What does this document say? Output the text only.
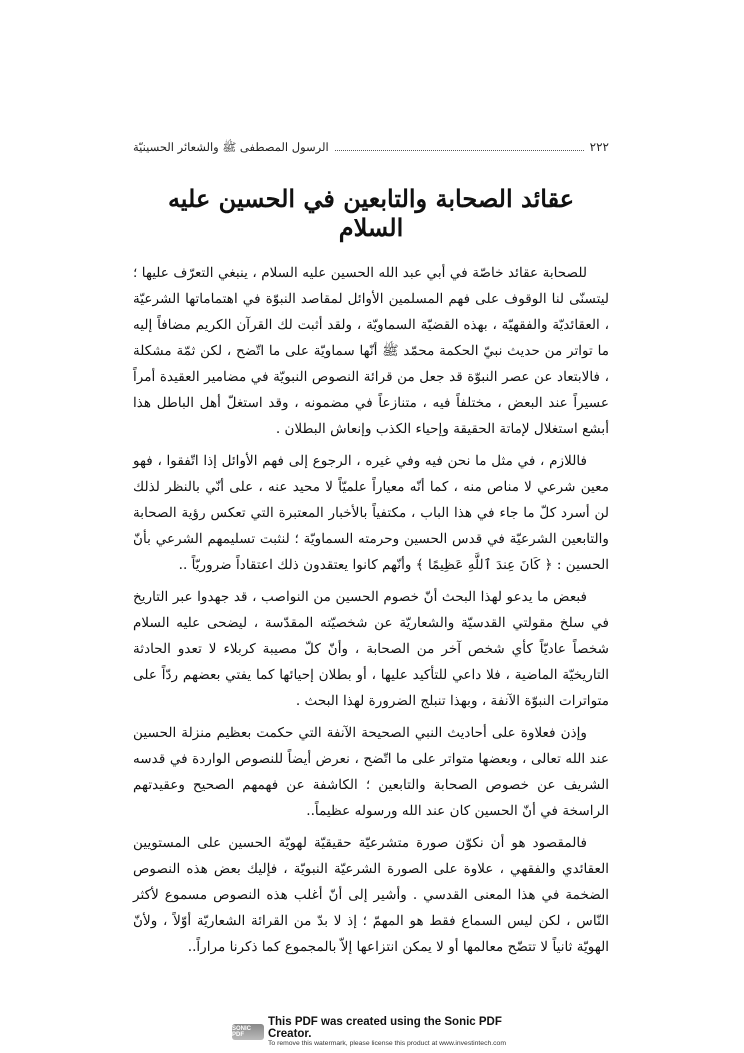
٢٢٢
الرسول المصطفى ﷺ والشعائر الحسينيّة
عقائد الصحابة والتابعين في الحسين عليه السلام

للصحابة عقائد خاصّة في أبي عبد الله الحسين عليه السلام ، ينبغي التعرّف عليها ؛ ليتسنّى لنا الوقوف على فهم المسلمين الأوائل لمقاصد النبوّة في اهتماماتها الشرعيّة ، العقائديّة والفقهيّة ، بهذه القضيّة السماويّة ، ولقد أثبت لك القرآن الكريم مضافاً إليه ما تواتر من حديث نبيّ الحكمة محمّد ﷺ أنّها سماويّة على ما اتّضح ، لكن ثمّة مشكلة ، فالابتعاد عن عصر النبوّة قد جعل من قرائة النصوص النبويّة في مضامير العقيدة أمراً عسيراً عند البعض ، مختلفاً فيه ، متنازعاً في مضمونه ، وقد استغلّ أهل الباطل هذا أبشع استغلال لإماتة الحقيقة وإحياء الكذب وإنعاش البطلان .

فاللازم ، في مثل ما نحن فيه وفي غيره ، الرجوع إلى فهم الأوائل إذا اتّفقوا ، فهو معين شرعي لا مناص منه ، كما أنّه معياراً علميّاً لا محيد عنه ، على أنّي بالنظر لذلك لن أسرد كلّ ما جاء في هذا الباب ، مكتفياً بالأخبار المعتبرة التي تعكس رؤية الصحابة والتابعين الشرعيّة في قدس الحسين وحرمته السماويّة ؛ لنثبت تسليمهم الشرعي بأنّ الحسين : ﴿ كَانَ عِندَ ٱللَّهِ عَظِيمًا ﴾ وأنّهم كانوا يعتقدون ذلك اعتقاداً ضروريّاً ..

فبعض ما يدعو لهذا البحث أنّ خصوم الحسين من النواصب ، قد جهدوا عبر التاريخ في سلخ مقولتي القدسيّة والشعاريّة عن شخصيّته المقدّسة ، ليضحى عليه السلام شخصاً عاديّاً كأي شخص آخر من الصحابة ، وأنّ كلّ مصيبة كربلاء لا تعدو الحادثة التاريخيّة الماضية ، فلا داعي للتأكيد عليها ، أو بطلان إحيائها كما يفتي بعضهم ردّاً على متواترات النبوّة الآنفة ، وبهذا تنبلج الضرورة لهذا البحث .

وإذن فعلاوة على أحاديث النبي الصحيحة الآنفة التي حكمت بعظيم منزلة الحسين عند الله تعالى ، وبعضها متواتر على ما اتّضح ، نعرض أيضاً للنصوص الواردة في قدسه الشريف عن خصوص الصحابة والتابعين ؛ الكاشفة عن فهمهم الصحيح وعقيدتهم الراسخة في أنّ الحسين كان عند الله ورسوله عظيماً..

فالمقصود هو أن نكوّن صورة متشرعيّة حقيقيّة لهويّة الحسين على المستويين العقائدي والفقهي ، علاوة على الصورة الشرعيّة النبويّة ، فإليك بعض هذه النصوص الضخمة في هذا المعنى القدسي . وأشير إلى أنّ أغلب هذه النصوص مسموع لأكثر النّاس ، لكن ليس السماع فقط هو المهمّ ؛ إذ لا بدّ من القرائة الشعاريّة أوّلاً ، ولأنّ الهويّة ثانياً لا تتضّح معالمها أو لا يمكن انتزاعها إلاّ بالمجموع كما ذكرنا مراراً..

SONIC PDF
This PDF was created using the Sonic PDF Creator.
To remove this watermark, please license this product at www.investintech.com
